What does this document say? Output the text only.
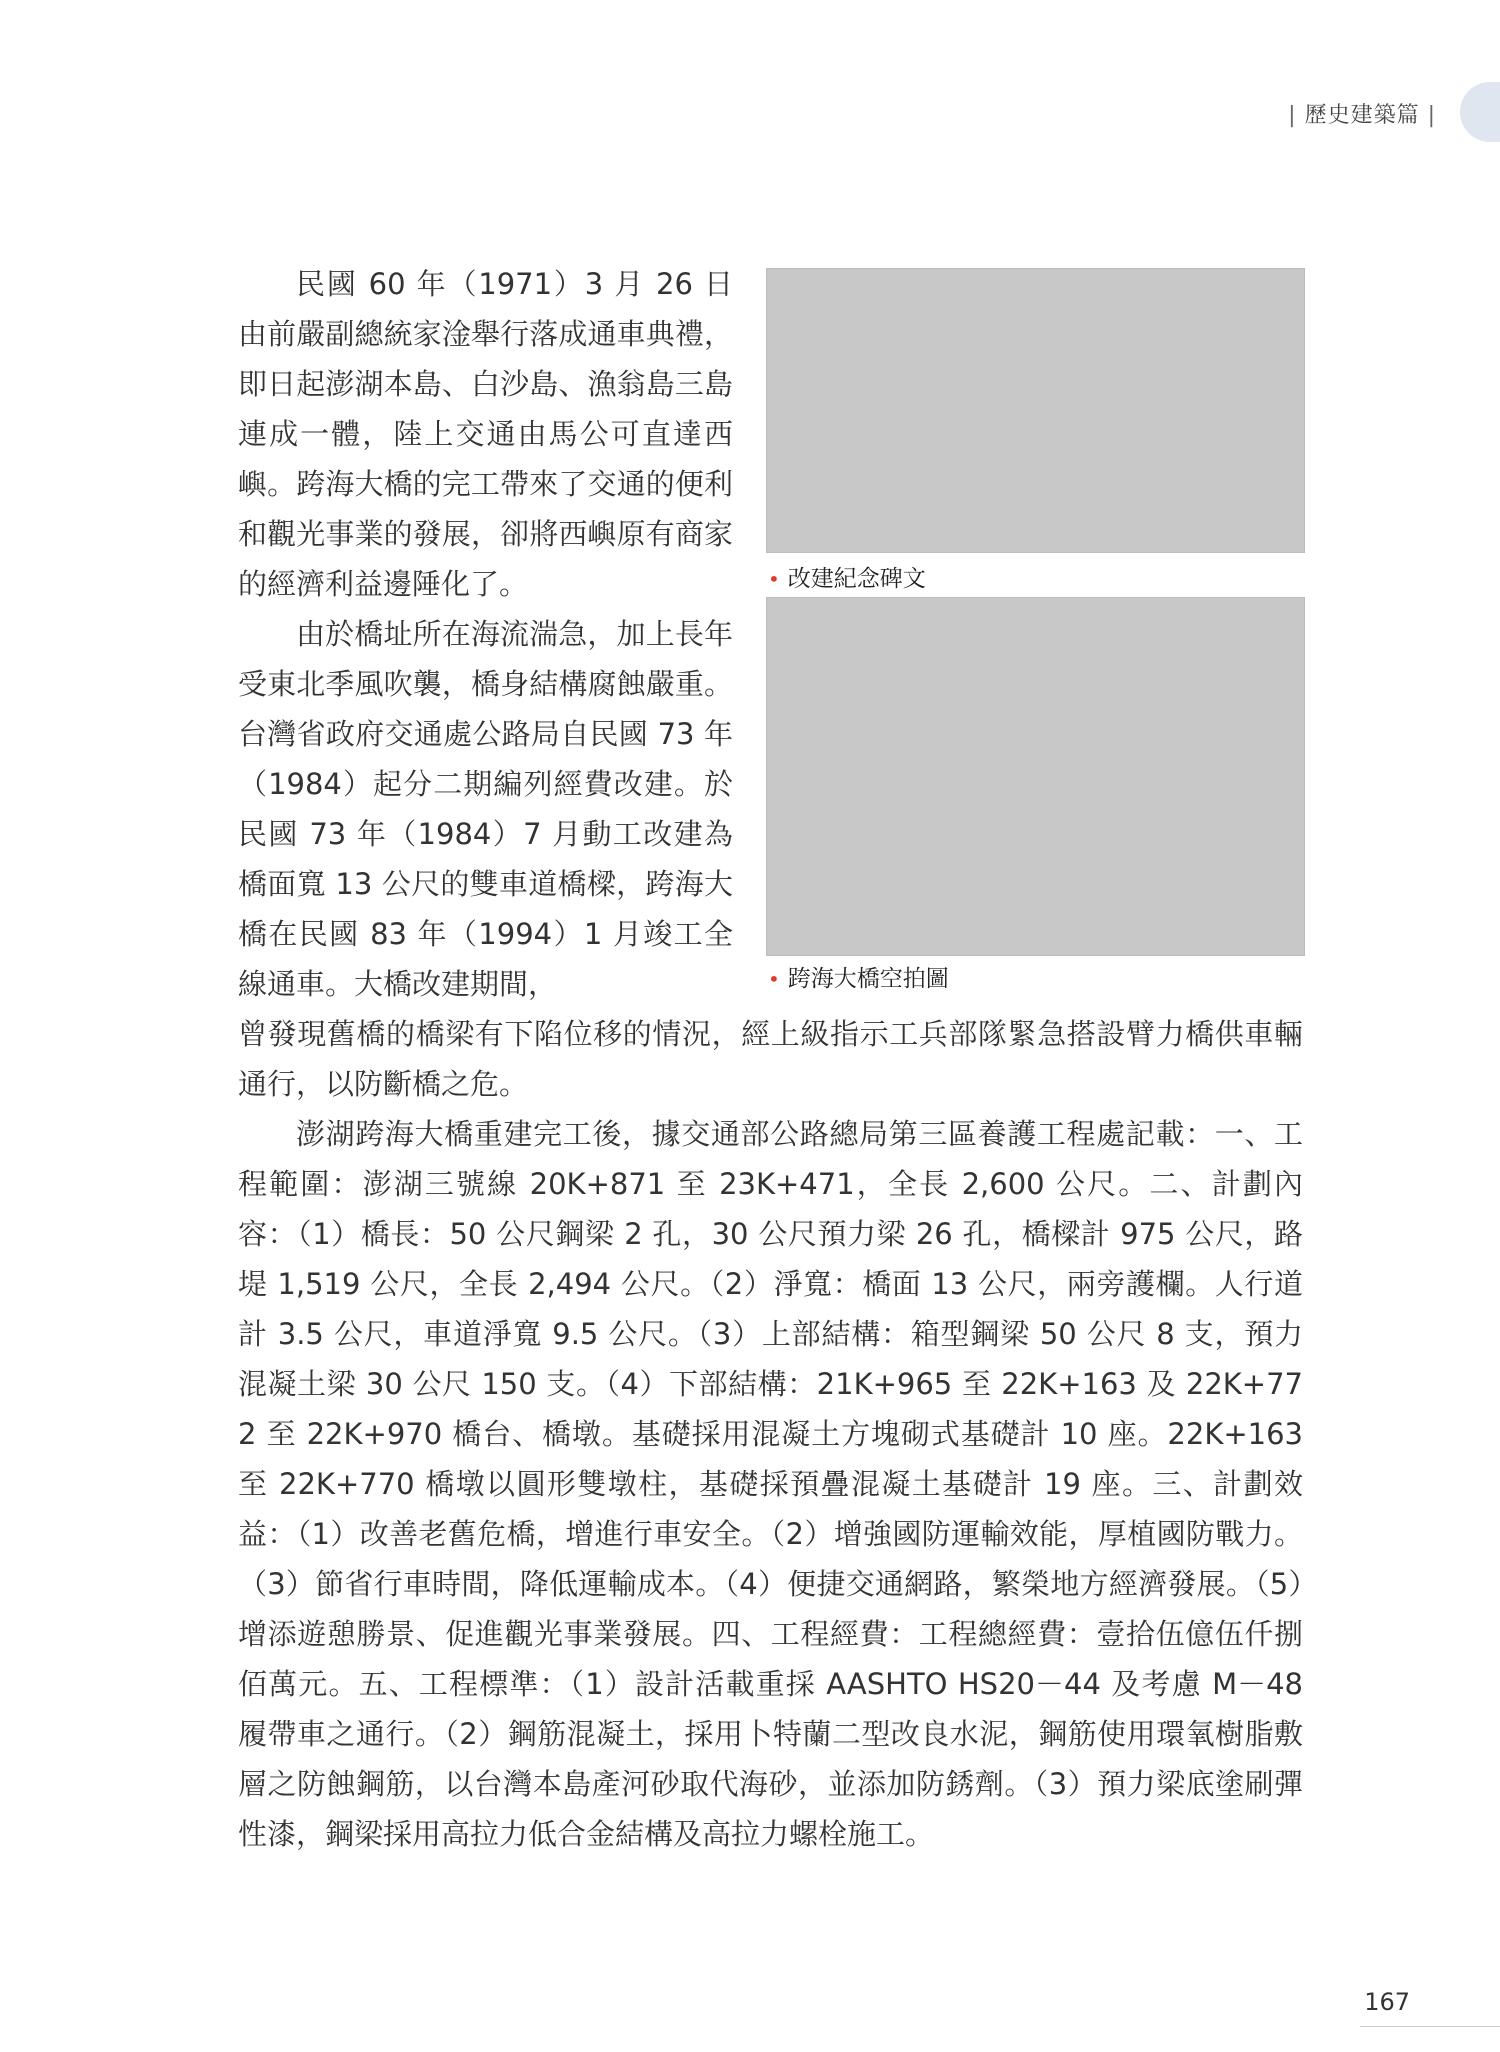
| 歷史建築篇 |

民國 60 年（1971）3 月 26 日由前嚴副總統家淦舉行落成通車典禮，即日起澎湖本島、白沙島、漁翁島三島連成一體，陸上交通由馬公可直達西嶼。跨海大橋的完工帶來了交通的便利和觀光事業的發展，卻將西嶼原有商家的經濟利益邊陲化了。

由於橋址所在海流湍急，加上長年受東北季風吹襲，橋身結構腐蝕嚴重。台灣省政府交通處公路局自民國 73 年（1984）起分二期編列經費改建。於民國 73 年（1984）7 月動工改建為橋面寬 13 公尺的雙車道橋樑，跨海大橋在民國 83 年（1994）1 月竣工全線通車。大橋改建期間，

曾發現舊橋的橋梁有下陷位移的情況，經上級指示工兵部隊緊急搭設臂力橋供車輛通行，以防斷橋之危。

澎湖跨海大橋重建完工後，據交通部公路總局第三區養護工程處記載：一、工程範圍：澎湖三號線 20K+871 至 23K+471，全長 2,600 公尺。二、計劃內容：（1）橋長：50 公尺鋼梁 2 孔，30 公尺預力梁 26 孔，橋樑計 975 公尺，路堤 1,519 公尺，全長 2,494 公尺。（2）淨寬：橋面 13 公尺，兩旁護欄。人行道計 3.5 公尺，車道淨寬 9.5 公尺。（3）上部結構：箱型鋼梁 50 公尺 8 支，預力混凝土梁 30 公尺 150 支。（4）下部結構：21K+965 至 22K+163 及 22K+772 至 22K+970 橋台、橋墩。基礎採用混凝土方塊砌式基礎計 10 座。22K+163 至 22K+770 橋墩以圓形雙墩柱，基礎採預疊混凝土基礎計 19 座。三、計劃效益：（1）改善老舊危橋，增進行車安全。（2）增強國防運輸效能，厚植國防戰力。（3）節省行車時間，降低運輸成本。（4）便捷交通網路，繁榮地方經濟發展。（5）增添遊憩勝景、促進觀光事業發展。四、工程經費：工程總經費：壹拾伍億伍仟捌佰萬元。五、工程標準：（1）設計活載重採 AASHTO HS20－44 及考慮 M－48 履帶車之通行。（2）鋼筋混凝土，採用卜特蘭二型改良水泥，鋼筋使用環氧樹脂敷層之防蝕鋼筋，以台灣本島產河砂取代海砂，並添加防銹劑。（3）預力梁底塗刷彈性漆，鋼梁採用高拉力低合金結構及高拉力螺栓施工。

• 改建紀念碑文
• 跨海大橋空拍圖
167
